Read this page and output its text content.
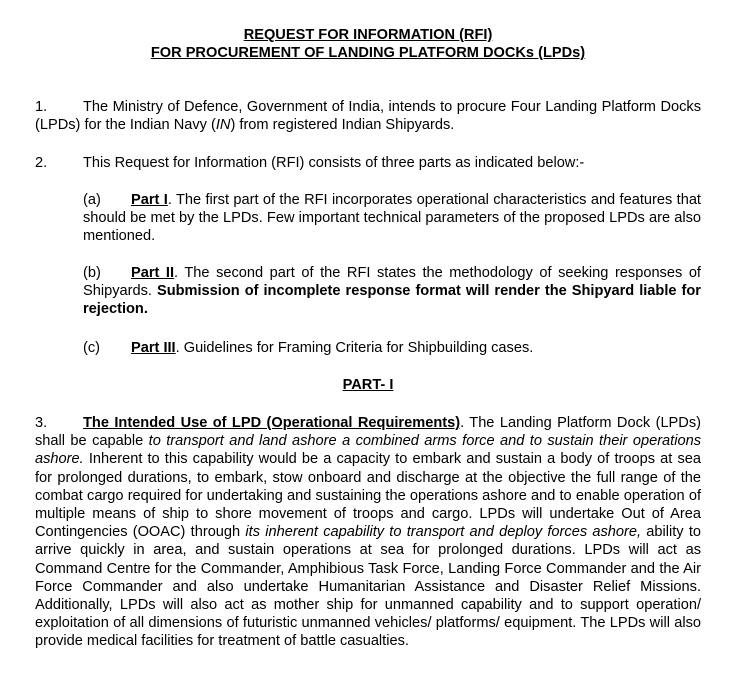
REQUEST FOR INFORMATION (RFI)
FOR PROCUREMENT OF LANDING PLATFORM DOCKs (LPDs)
1. The Ministry of Defence, Government of India, intends to procure Four Landing Platform Docks (LPDs) for the Indian Navy (IN) from registered Indian Shipyards.
2. This Request for Information (RFI) consists of three parts as indicated below:-
(a) Part I. The first part of the RFI incorporates operational characteristics and features that should be met by the LPDs. Few important technical parameters of the proposed LPDs are also mentioned.
(b) Part II. The second part of the RFI states the methodology of seeking responses of Shipyards. Submission of incomplete response format will render the Shipyard liable for rejection.
(c) Part III. Guidelines for Framing Criteria for Shipbuilding cases.
PART- I
3. The Intended Use of LPD (Operational Requirements). The Landing Platform Dock (LPDs) shall be capable to transport and land ashore a combined arms force and to sustain their operations ashore. Inherent to this capability would be a capacity to embark and sustain a body of troops at sea for prolonged durations, to embark, stow onboard and discharge at the objective the full range of the combat cargo required for undertaking and sustaining the operations ashore and to enable operation of multiple means of ship to shore movement of troops and cargo. LPDs will undertake Out of Area Contingencies (OOAC) through its inherent capability to transport and deploy forces ashore, ability to arrive quickly in area, and sustain operations at sea for prolonged durations. LPDs will act as Command Centre for the Commander, Amphibious Task Force, Landing Force Commander and the Air Force Commander and also undertake Humanitarian Assistance and Disaster Relief Missions. Additionally, LPDs will also act as mother ship for unmanned capability and to support operation/ exploitation of all dimensions of futuristic unmanned vehicles/ platforms/ equipment. The LPDs will also provide medical facilities for treatment of battle casualties.
